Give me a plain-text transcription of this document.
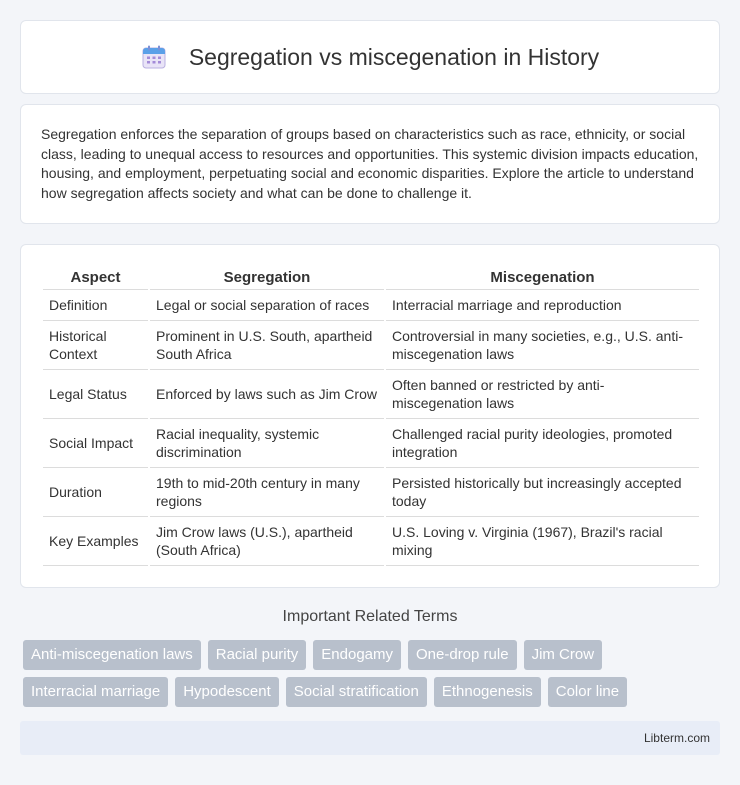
Segregation vs miscegenation in History

Segregation enforces the separation of groups based on characteristics such as race, ethnicity, or social class, leading to unequal access to resources and opportunities. This systemic division impacts education, housing, and employment, perpetuating social and economic disparities. Explore the article to understand how segregation affects society and what can be done to challenge it.

Aspect	Segregation	Miscegenation
Definition	Legal or social separation of races	Interracial marriage and reproduction
Historical Context	Prominent in U.S. South, apartheid South Africa	Controversial in many societies, e.g., U.S. anti-miscegenation laws
Legal Status	Enforced by laws such as Jim Crow	Often banned or restricted by anti-miscegenation laws
Social Impact	Racial inequality, systemic discrimination	Challenged racial purity ideologies, promoted integration
Duration	19th to mid-20th century in many regions	Persisted historically but increasingly accepted today
Key Examples	Jim Crow laws (U.S.), apartheid (South Africa)	U.S. Loving v. Virginia (1967), Brazil's racial mixing
Important Related Terms
Anti-miscegenation laws	Racial purity	Endogamy	One-drop rule	Jim Crow
Interracial marriage	Hypodescent	Social stratification	Ethnogenesis	Color line
Libterm.com
